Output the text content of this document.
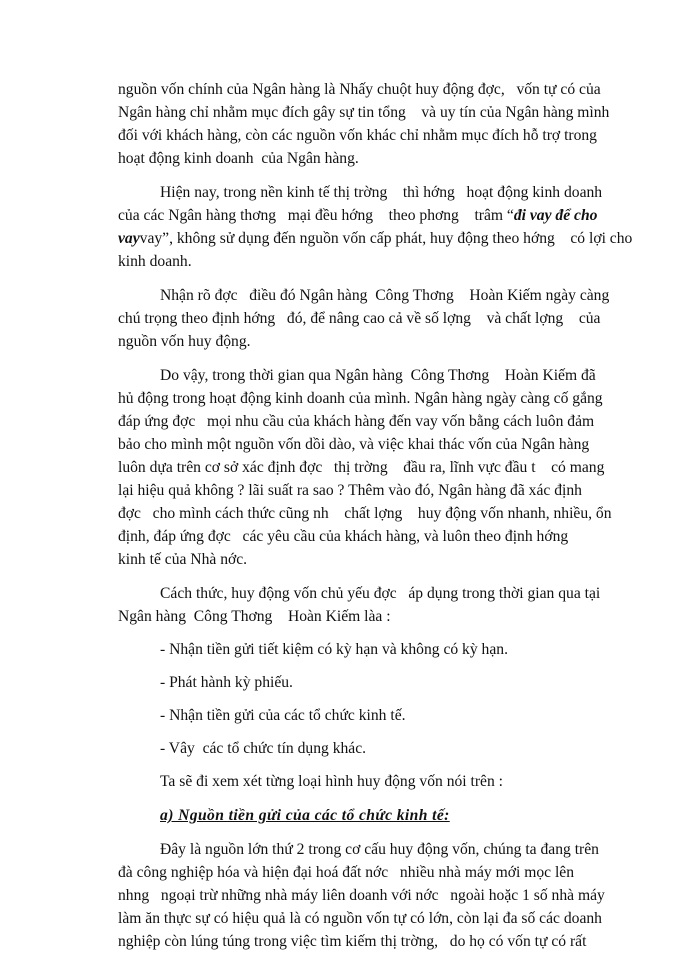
nguồn vốn chính của Ngân hàng là Nhấy chuột huy động đợc,   vốn tự có của
Ngân hàng chỉ nhằm mục đích gây sự tin tổng    và uy tín của Ngân hàng mình
đối với khách hàng, còn các nguồn vốn khác chỉ nhằm mục đích hỗ trợ trong
hoạt động kinh doanh  của Ngân hàng.
Hiện nay, trong nền kinh tế thị trờng    thì hớng   hoạt động kinh doanh
của các Ngân hàng thơng   mại đều hớng    theo phơng    trâm “đi vay để cho
vayvay”, không sử dụng đến nguồn vốn cấp phát, huy động theo hớng    có lợi cho
kinh doanh.
Nhận rõ đợc   điều đó Ngân hàng  Công Thơng    Hoàn Kiếm ngày càng
chú trọng theo định hớng   đó, để nâng cao cả về số lợng    và chất lợng    của
nguồn vốn huy động.
Do vậy, trong thời gian qua Ngân hàng  Công Thơng    Hoàn Kiếm đã
hủ động trong hoạt động kinh doanh của mình. Ngân hàng ngày càng cố gắng
đáp ứng đợc   mọi nhu cầu của khách hàng đến vay vốn bằng cách luôn đảm
bảo cho mình một nguồn vốn dồi dào, và việc khai thác vốn của Ngân hàng
luôn dựa trên cơ sở xác định đợc   thị trờng    đầu ra, lĩnh vực đầu t    có mang
lại hiệu quả không ? lãi suất ra sao ? Thêm vào đó, Ngân hàng đã xác định
đợc   cho mình cách thức cũng nh    chất lợng    huy động vốn nhanh, nhiều, ổn
định, đáp ứng đợc   các yêu cầu của khách hàng, và luôn theo định hớng
kinh tế của Nhà nớc.
Cách thức, huy động vốn chủ yếu đợc   áp dụng trong thời gian qua tại
Ngân hàng  Công Thơng    Hoàn Kiếm làa :
- Nhận tiền gửi tiết kiệm có kỳ hạn và không có kỳ hạn.
- Phát hành kỳ phiếu.
- Nhận tiền gửi của các tổ chức kinh tế.
- Vây  các tổ chức tín dụng khác.
Ta sẽ đi xem xét từng loại hình huy động vốn nói trên :
a) Nguồn tiền gửi của các tổ chức kinh tế:
Đây là nguồn lớn thứ 2 trong cơ cấu huy động vốn, chúng ta đang trên
đà công nghiệp hóa và hiện đại hoá đất nớc   nhiều nhà máy mới mọc lên
nhng   ngoại trừ những nhà máy liên doanh với nớc   ngoài hoặc 1 số nhà máy
làm ăn thực sự có hiệu quả là có nguồn vốn tự có lớn, còn lại đa số các doanh
nghiệp còn lúng túng trong việc tìm kiếm thị trờng,   do họ có vốn tự có rất
